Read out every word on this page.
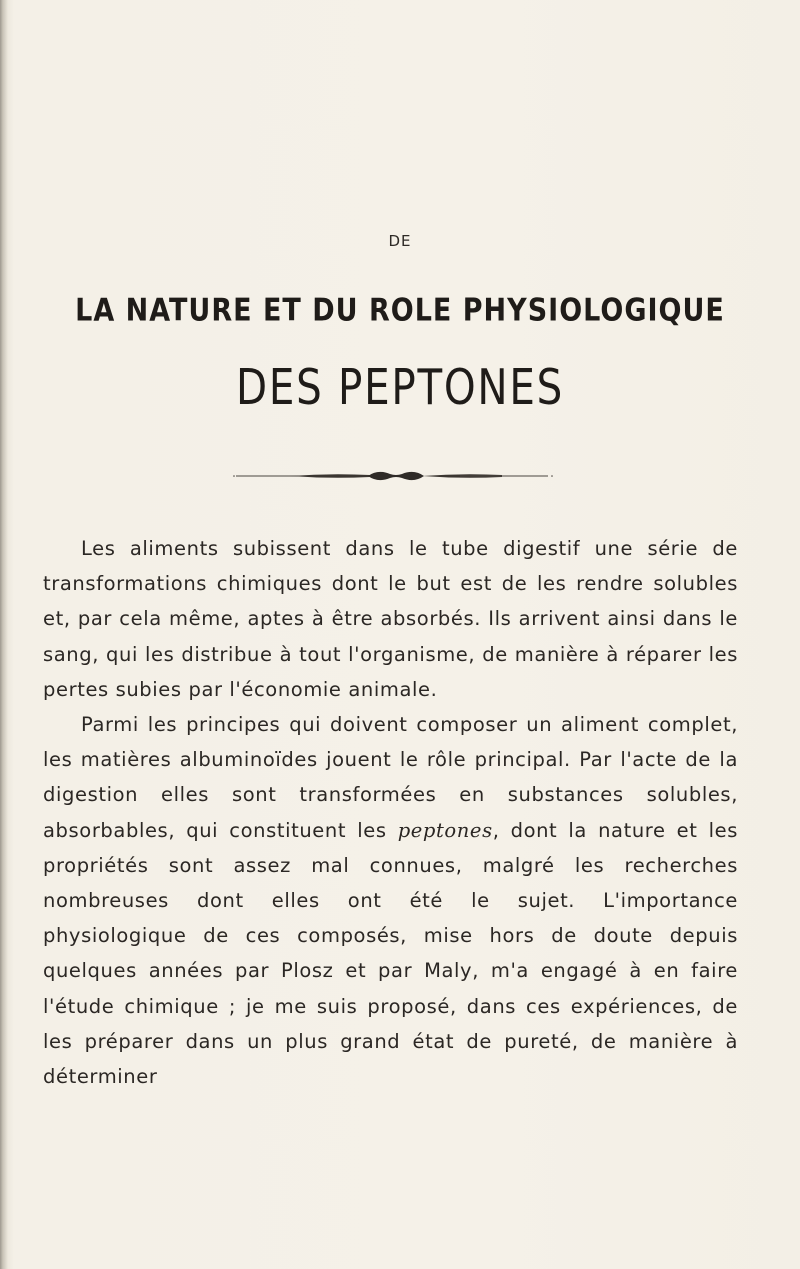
DE
LA NATURE ET DU ROLE PHYSIOLOGIQUE
DES PEPTONES

Les aliments subissent dans le tube digestif une série de transformations chimiques dont le but est de les rendre solubles et, par cela même, aptes à être absorbés. Ils arrivent ainsi dans le sang, qui les distribue à tout l'organisme, de manière à réparer les pertes subies par l'économie animale.

Parmi les principes qui doivent composer un aliment complet, les matières albuminoïdes jouent le rôle principal. Par l'acte de la digestion elles sont transformées en substances solubles, absorbables, qui constituent les peptones, dont la nature et les propriétés sont assez mal connues, malgré les recherches nombreuses dont elles ont été le sujet. L'importance physiologique de ces composés, mise hors de doute depuis quelques années par Plosz et par Maly, m'a engagé à en faire l'étude chimique ; je me suis proposé, dans ces expériences, de les préparer dans un plus grand état de pureté, de manière à déterminer
